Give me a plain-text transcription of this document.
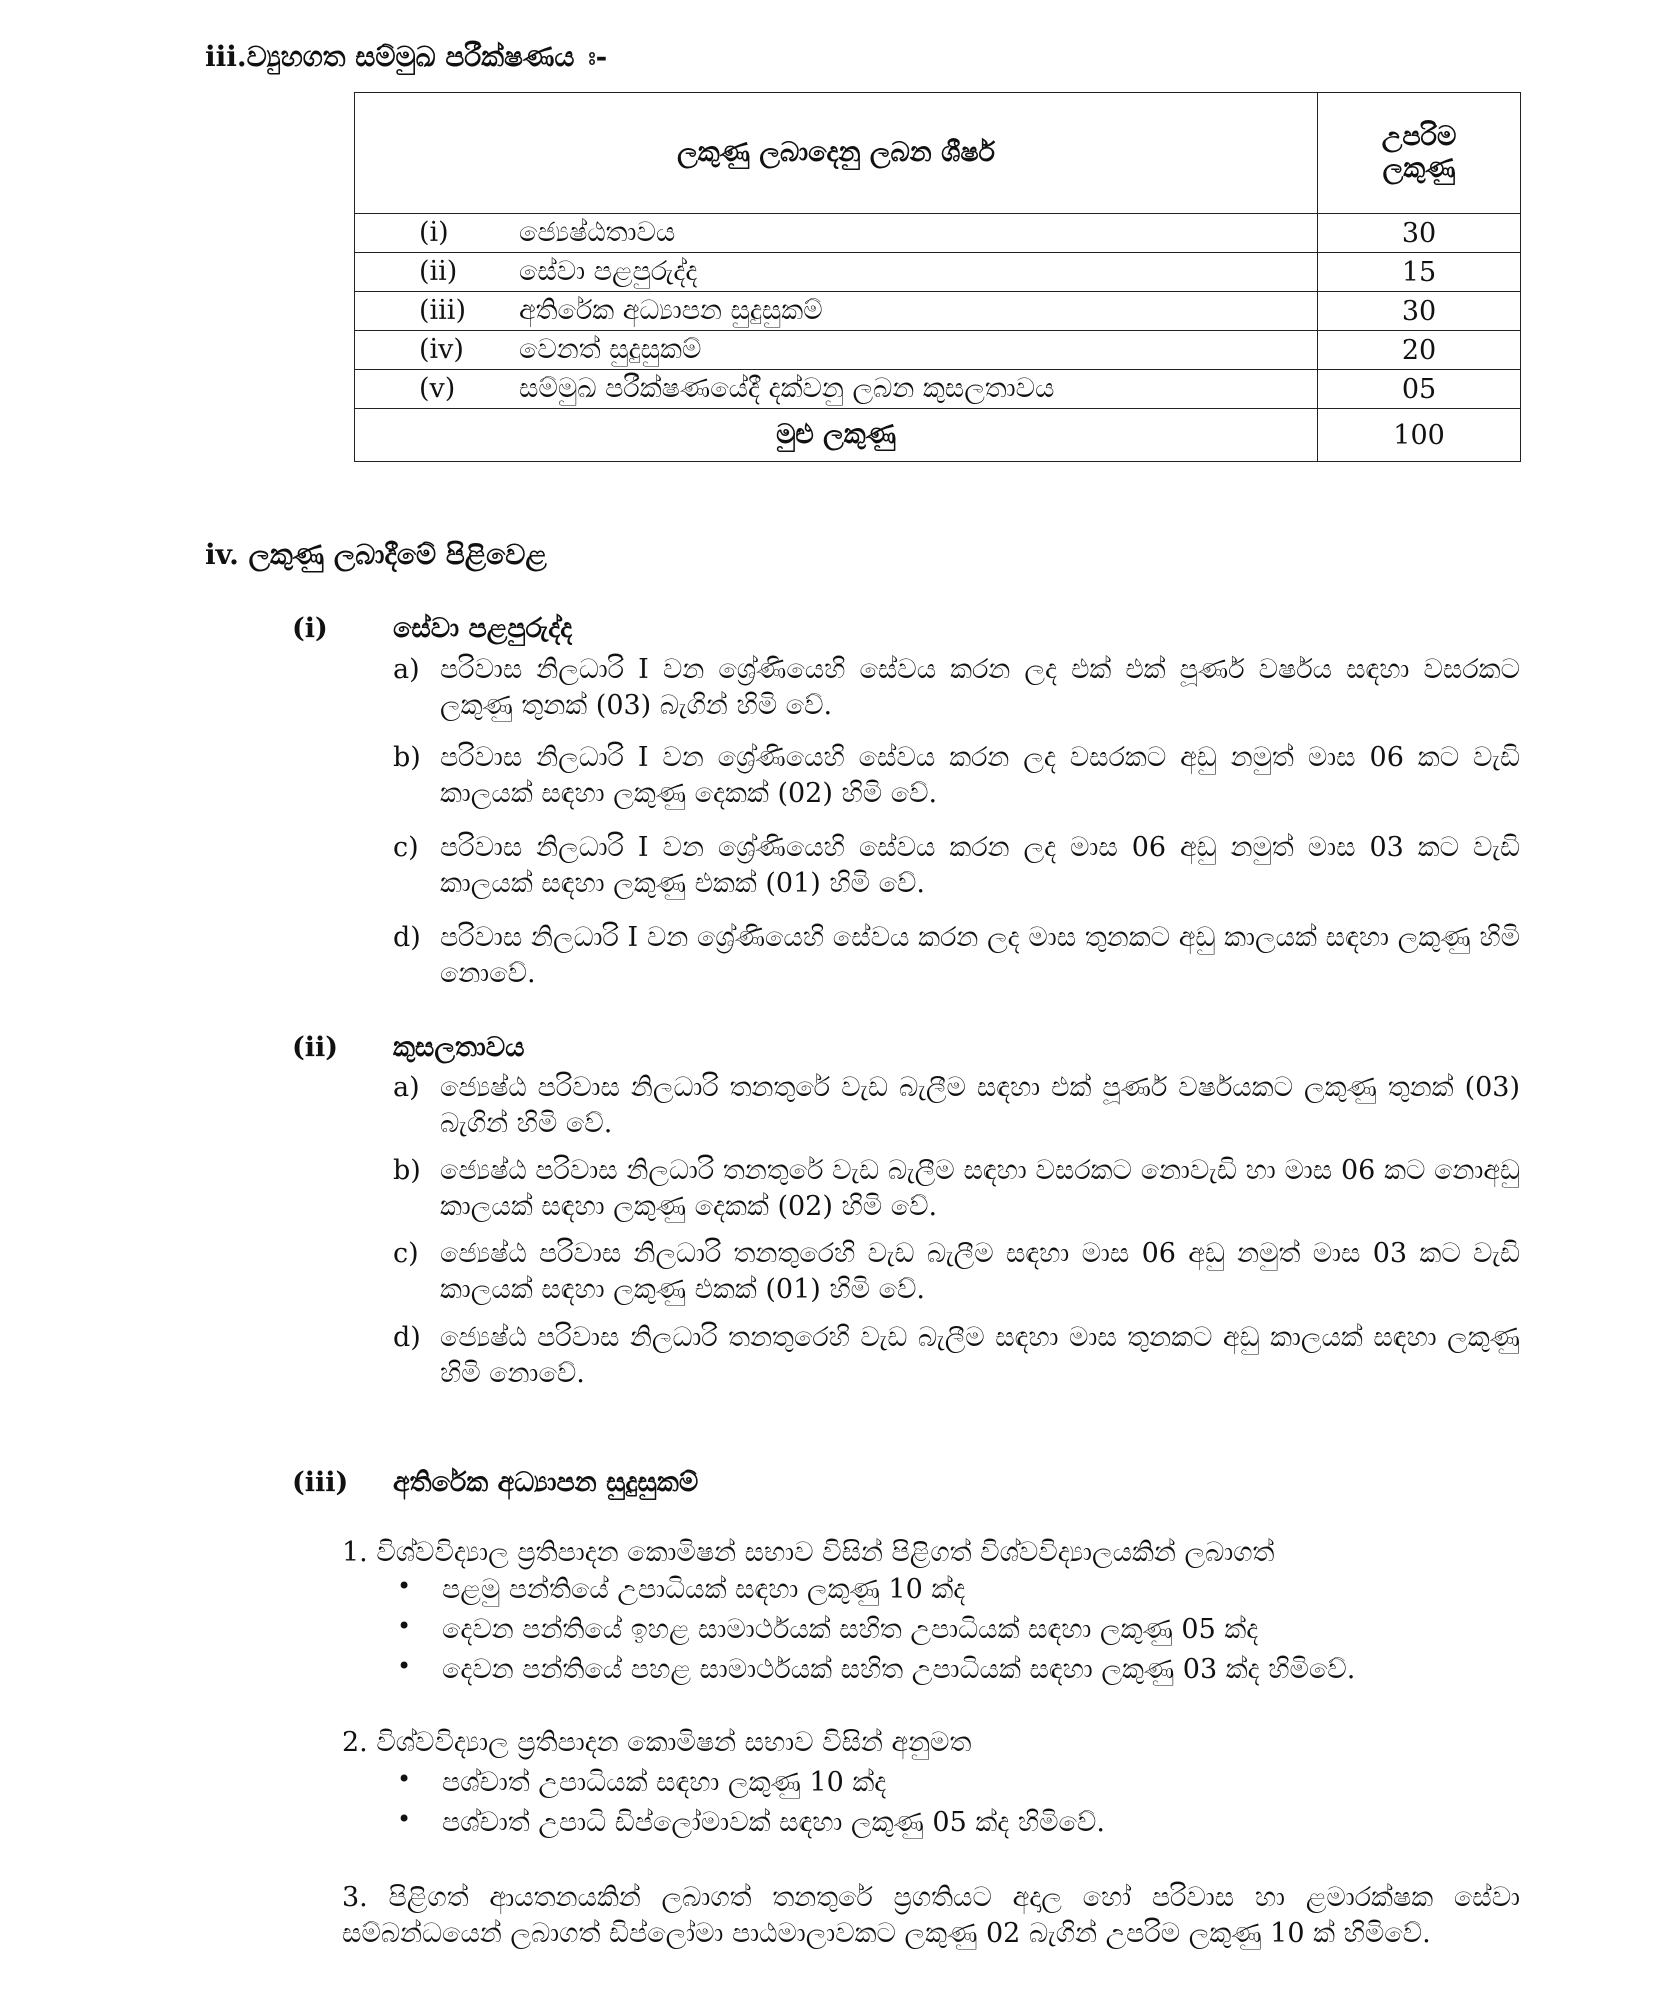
iii.ව්‍යුහගත සම්මුඛ පරීක්ෂණය ඃ-
ලකුණු ලබාදෙනු ලබන ශීර්ෂ	උපරිම
ලකුණු

(i) ජ්‍යෙෂ්ඨතාවය	30
(ii) සේවා පළපුරුද්ද	15
(iii) අතිරේක අධ්‍යාපන සුදුසුකම්	30
(iv) වෙනත් සුදුසුකම්	20
(v) සම්මුඛ පරීක්ෂණයේදී දක්වනු ලබන කුසලතාවය	05
මුළු ලකුණු	100
iv. ලකුණු ලබාදීමේ පිළිවෙළ
(i) සේවා පළපුරුද්ද
a) පරිවාස නිලධාරි I වන ශ්‍රේණියෙහි සේවය කරන ලද එක් එක් පූර්ණ වර්ෂය සඳහා වසරකට ලකුණු තුනක් (03) බැගින් හිමි වේ.
b) පරිවාස නිලධාරි I වන ශ්‍රේණියෙහි සේවය කරන ලද වසරකට අඩු නමුත් මාස 06 කට වැඩි කාලයක් සඳහා ලකුණු දෙකක් (02) හිමි වේ.
c) පරිවාස නිලධාරි I වන ශ්‍රේණියෙහි සේවය කරන ලද මාස 06 අඩු නමුත් මාස 03 කට වැඩි කාලයක් සඳහා ලකුණු එකක් (01) හිමි වේ.
d) පරිවාස නිලධාරි I වන ශ්‍රේණියෙහි සේවය කරන ලද මාස තුනකට අඩු කාලයක් සඳහා ලකුණු හිමි නොවේ.
(ii) කුසලතාවය
a) ජ්‍යෙෂ්ඨ පරිවාස නිලධාරි තනතුරේ වැඩ බැලීම සඳහා එක් පූර්ණ වර්ෂයකට ලකුණු තුනක් (03) බැගින් හිමි වේ.
b) ජ්‍යෙෂ්ඨ පරිවාස නිලධාරි තනතුරේ වැඩ බැලීම සඳහා වසරකට නොවැඩි හා මාස 06 කට නොඅඩු කාලයක් සඳහා ලකුණු දෙකක් (02) හිමි වේ.
c) ජ්‍යෙෂ්ඨ පරිවාස නිලධාරි තනතුරෙහි වැඩ බැලීම සඳහා මාස 06 අඩු නමුත් මාස 03 කට වැඩි කාලයක් සඳහා ලකුණු එකක් (01) හිමි වේ.
d) ජ්‍යෙෂ්ඨ පරිවාස නිලධාරි තනතුරෙහි වැඩ බැලීම සඳහා මාස තුනකට අඩු කාලයක් සඳහා ලකුණු හිමි නොවේ.
(iii) අතිරේක අධ්‍යාපන සුදුසුකම්
1. විශ්වවිද්‍යාල ප්‍රතිපාදන කොමිෂන් සභාව විසින් පිළිගත් විශ්වවිද්‍යාලයකින් ලබාගත්
• පළමු පන්තියේ උපාධියක් සඳහා ලකුණු 10 ක්ද
• දෙවන පන්තියේ ඉහළ සාමාර්ථයක් සහිත උපාධියක් සඳහා ලකුණු 05 ක්ද
• දෙවන පන්තියේ පහළ සාමාර්ථයක් සහිත උපාධියක් සඳහා ලකුණු 03 ක්ද හිමිවේ.
2. විශ්වවිද්‍යාල ප්‍රතිපාදන කොමිෂන් සභාව විසින් අනුමත
• පශ්චාත් උපාධියක් සඳහා ලකුණු 10 ක්ද
• පශ්චාත් උපාධි ඩිප්ලෝමාවක් සඳහා ලකුණු 05 ක්ද හිමිවේ.
3. පිළිගත් ආයතනයකින් ලබාගත් තනතුරේ ප්‍රගතියට අදාල හෝ පරිවාස හා ළමාරක්ෂක සේවා සම්බන්ධයෙන් ලබාගත් ඩිප්ලෝමා පාඨමාලාවකට ලකුණු 02 බැගින් උපරිම ලකුණු 10 ක් හිමිවේ.
